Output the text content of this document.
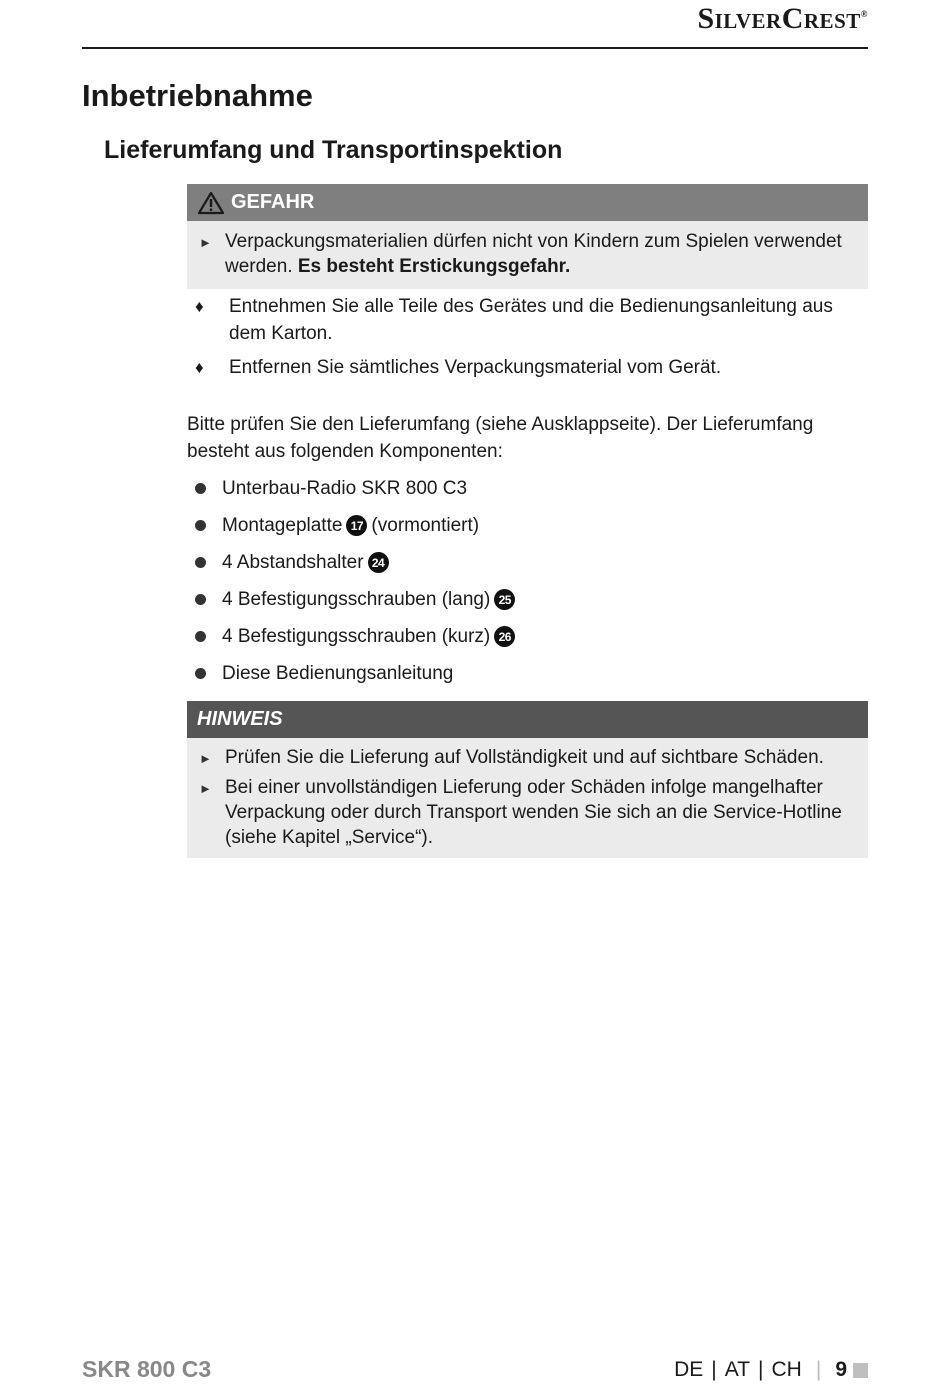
SilverCrest®
Inbetriebnahme
Lieferumfang und Transportinspektion
GEFAHR
► Verpackungsmaterialien dürfen nicht von Kindern zum Spielen verwendet werden. Es besteht Erstickungsgefahr.
♦	Entnehmen Sie alle Teile des Gerätes und die Bedienungsanleitung aus dem Karton.
♦	Entfernen Sie sämtliches Verpackungsmaterial vom Gerät.
Bitte prüfen Sie den Lieferumfang (siehe Ausklappseite). Der Lieferumfang besteht aus folgenden Komponenten:
Unterbau-Radio SKR 800 C3
Montageplatte 17 (vormontiert)
4 Abstandshalter 24
4 Befestigungsschrauben (lang) 25
4 Befestigungsschrauben (kurz) 26
Diese Bedienungsanleitung
HINWEIS
► Prüfen Sie die Lieferung auf Vollständigkeit und auf sichtbare Schäden.
► Bei einer unvollständigen Lieferung oder Schäden infolge mangelhafter Verpackung oder durch Transport wenden Sie sich an die Service-Hotline (siehe Kapitel „Service“).
SKR 800 C3	DE | AT | CH | 9
